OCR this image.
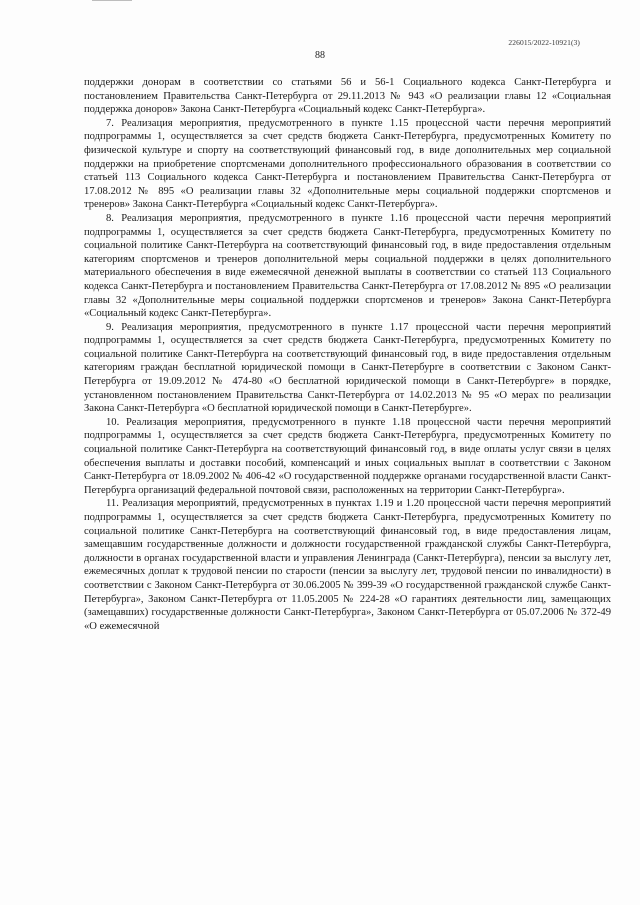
226015/2022-10921(3)
88

поддержки донорам в соответствии со статьями 56 и 56-1 Социального кодекса Санкт-Петербурга и постановлением Правительства Санкт-Петербурга от 29.11.2013 № 943 «О реализации главы 12 «Социальная поддержка доноров» Закона Санкт-Петербурга «Социальный кодекс Санкт-Петербурга».

7. Реализация мероприятия, предусмотренного в пункте 1.15 процессной части перечня мероприятий подпрограммы 1, осуществляется за счет средств бюджета Санкт-Петербурга, предусмотренных Комитету по физической культуре и спорту на соответствующий финансовый год, в виде дополнительных мер социальной поддержки на приобретение спортсменами дополнительного профессионального образования в соответствии со статьей 113 Социального кодекса Санкт-Петербурга и постановлением Правительства Санкт-Петербурга от 17.08.2012 № 895 «О реализации главы 32 «Дополнительные меры социальной поддержки спортсменов и тренеров» Закона Санкт-Петербурга «Социальный кодекс Санкт-Петербурга».

8. Реализация мероприятия, предусмотренного в пункте 1.16 процессной части перечня мероприятий подпрограммы 1, осуществляется за счет средств бюджета Санкт-Петербурга, предусмотренных Комитету по социальной политике Санкт-Петербурга на соответствующий финансовый год, в виде предоставления отдельным категориям спортсменов и тренеров дополнительной меры социальной поддержки в целях дополнительного материального обеспечения в виде ежемесячной денежной выплаты в соответствии со статьей 113 Социального кодекса Санкт-Петербурга и постановлением Правительства Санкт-Петербурга от 17.08.2012 № 895 «О реализации главы 32 «Дополнительные меры социальной поддержки спортсменов и тренеров» Закона Санкт-Петербурга «Социальный кодекс Санкт-Петербурга».

9. Реализация мероприятия, предусмотренного в пункте 1.17 процессной части перечня мероприятий подпрограммы 1, осуществляется за счет средств бюджета Санкт-Петербурга, предусмотренных Комитету по социальной политике Санкт-Петербурга на соответствующий финансовый год, в виде предоставления отдельным категориям граждан бесплатной юридической помощи в Санкт-Петербурге в соответствии с Законом Санкт-Петербурга от 19.09.2012 № 474-80 «О бесплатной юридической помощи в Санкт-Петербурге» в порядке, установленном постановлением Правительства Санкт-Петербурга от 14.02.2013 № 95 «О мерах по реализации Закона Санкт-Петербурга «О бесплатной юридической помощи в Санкт-Петербурге».

10. Реализация мероприятия, предусмотренного в пункте 1.18 процессной части перечня мероприятий подпрограммы 1, осуществляется за счет средств бюджета Санкт-Петербурга, предусмотренных Комитету по социальной политике Санкт-Петербурга на соответствующий финансовый год, в виде оплаты услуг связи в целях обеспечения выплаты и доставки пособий, компенсаций и иных социальных выплат в соответствии с Законом Санкт-Петербурга от 18.09.2002 № 406-42 «О государственной поддержке органами государственной власти Санкт-Петербурга организаций федеральной почтовой связи, расположенных на территории Санкт-Петербурга».

11. Реализация мероприятий, предусмотренных в пунктах 1.19 и 1.20 процессной части перечня мероприятий подпрограммы 1, осуществляется за счет средств бюджета Санкт-Петербурга, предусмотренных Комитету по социальной политике Санкт-Петербурга на соответствующий финансовый год, в виде предоставления лицам, замещавшим государственные должности и должности государственной гражданской службы Санкт-Петербурга, должности в органах государственной власти и управления Ленинграда (Санкт-Петербурга), пенсии за выслугу лет, ежемесячных доплат к трудовой пенсии по старости (пенсии за выслугу лет, трудовой пенсии по инвалидности) в соответствии с Законом Санкт-Петербурга от 30.06.2005 № 399-39 «О государственной гражданской службе Санкт-Петербурга», Законом Санкт-Петербурга от 11.05.2005 № 224-28 «О гарантиях деятельности лиц, замещающих (замещавших) государственные должности Санкт-Петербурга», Законом Санкт-Петербурга от 05.07.2006 № 372-49 «О ежемесячной
